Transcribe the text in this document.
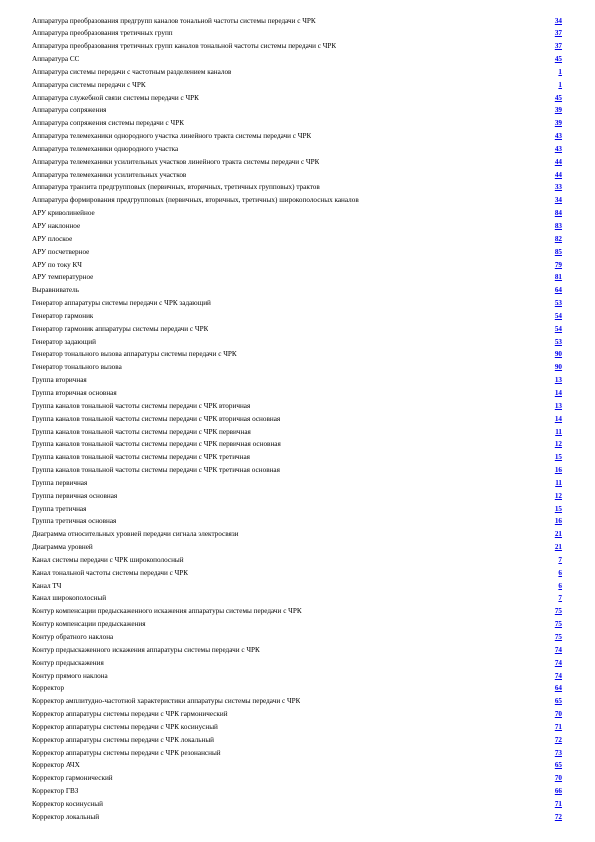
Аппаратура преобразования предгрупп каналов тональной частоты системы передачи с ЧРК	34
Аппаратура преобразования третичных групп	37
Аппаратура преобразования третичных групп каналов тональной частоты системы передачи с ЧРК	37
Аппаратура СС	45
Аппаратура системы передачи с частотным разделением каналов	1
Аппаратура системы передачи с ЧРК	1
Аппаратура служебной связи системы передачи с ЧРК	45
Аппаратура сопряжения	39
Аппаратура сопряжения системы передачи с ЧРК	39
Аппаратура телемеханики однородного участка линейного тракта системы передачи с ЧРК	43
Аппаратура телемеханики однородного участка	43
Аппаратура телемеханики усилительных участков линейного тракта системы передачи с ЧРК	44
Аппаратура телемеханики усилительных участков	44
Аппаратура транзита предгрупповых (первичных, вторичных, третичных групповых) трактов	33
Аппаратура формирования предгрупповых (первичных, вторичных, третичных) широкополосных каналов	34
АРУ криволинейное	84
АРУ наклонное	83
АРУ плоское	82
АРУ посчетверное	85
АРУ по току КЧ	79
АРУ температурное	81
Выравниватель	64
Генератор аппаратуры системы передачи с ЧРК задающий	53
Генератор гармоник	54
Генератор гармоник аппаратуры системы передачи с ЧРК	54
Генератор задающий	53
Генератор тонального вызова аппаратуры системы передачи с ЧРК	90
Генератор тонального вызова	90
Группа вторичная	13
Группа вторичная основная	14
Группа каналов тональной частоты системы передачи с ЧРК вторичная	13
Группа каналов тональной частоты системы передачи с ЧРК вторичная основная	14
Группа каналов тональной частоты системы передачи с ЧРК первичная	11
Группа каналов тональной частоты системы передачи с ЧРК первичная основная	12
Группа каналов тональной частоты системы передачи с ЧРК третичная	15
Группа каналов тональной частоты системы передачи с ЧРК третичная основная	16
Группа первичная	11
Группа первичная основная	12
Группа третичная	15
Группа третичная основная	16
Диаграмма относительных уровней передачи сигнала электросвязи	21
Диаграмма уровней	21
Канал системы передачи с ЧРК широкополосный	7
Канал тональной частоты системы передачи с ЧРК	6
Канал ТЧ	6
Канал широкополосный	7
Контур компенсации предыскаженного искажения аппаратуры системы передачи с ЧРК	75
Контур компенсации предыскажения	75
Контур обратного наклона	75
Контур предыскаженного искажения аппаратуры системы передачи с ЧРК	74
Контур предыскажения	74
Контур прямого наклона	74
Корректор	64
Корректор амплитудно-частотной характеристики аппаратуры системы передачи с ЧРК	65
Корректор аппаратуры системы передачи с ЧРК гармонический	70
Корректор аппаратуры системы передачи с ЧРК косинусный	71
Корректор аппаратуры системы передачи с ЧРК локальный	72
Корректор аппаратуры системы передачи с ЧРК резонансный	73
Корректор АЧХ	65
Корректор гармонический	70
Корректор ГВЗ	66
Корректор косинусный	71
Корректор локальный	72
